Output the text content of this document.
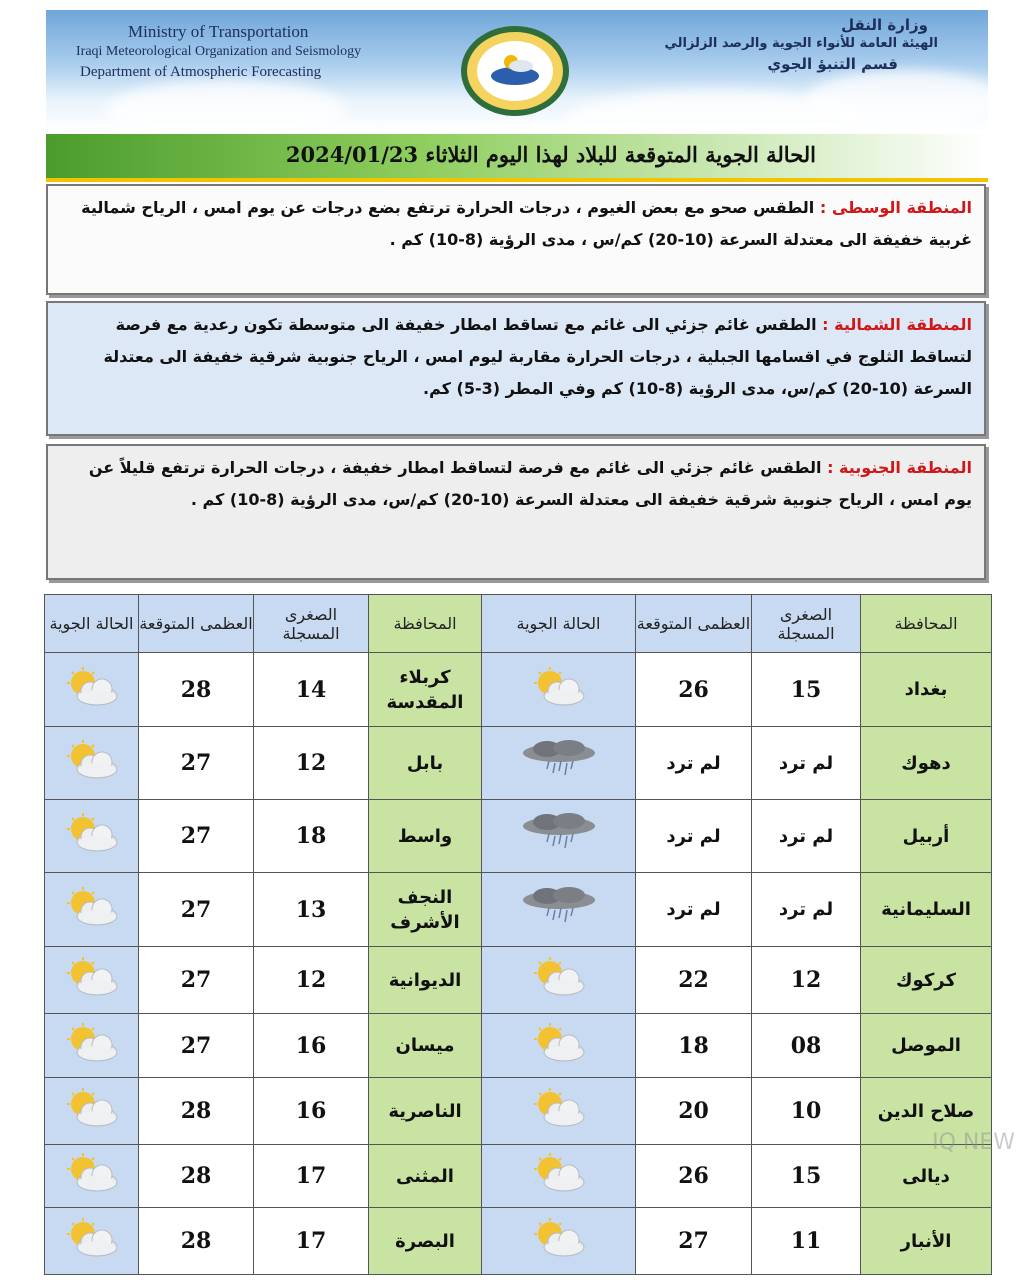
Ministry of Transportation
Iraqi Meteorological Organization and Seismology
Department of Atmospheric Forecasting
وزارة النقل
الهيئة العامة للأنواء الجوية والرصد الزلزالي
قسم التنبؤ الجوي
الحالة الجوية المتوقعة للبلاد لهذا اليوم الثلاثاء 2024/01/23
المنطقة الوسطى : الطقس صحو مع بعض الغيوم ، درجات الحرارة ترتفع بضع درجات عن يوم امس ، الرياح شمالية غربية خفيفة الى معتدلة السرعة (10-20) كم/س ، مدى الرؤية (8-10) كم .
المنطقة الشمالية : الطقس غائم جزئي الى غائم مع تساقط امطار خفيفة الى متوسطة تكون رعدية مع فرصة لتساقط الثلوج في اقسامها الجبلية ، درجات الحرارة مقاربة ليوم امس ، الرياح جنوبية شرقية خفيفة الى معتدلة السرعة (10-20) كم/س، مدى الرؤية (8-10) كم وفي المطر (3-5) كم.
المنطقة الجنوبية : الطقس غائم جزئي الى غائم مع فرصة لتساقط امطار خفيفة ، درجات الحرارة ترتفع قليلاً عن يوم امس ، الرياح جنوبية شرقية خفيفة الى معتدلة السرعة (10-20) كم/س، مدى الرؤية (8-10) كم .
المحافظة	الصغرى المسجلة	العظمى المتوقعة	الحالة الجوية	المحافظة	الصغرى المسجلة	العظمى المتوقعة	الحالة الجوية
بغداد	15	26		كربلاء المقدسة	14	28	
دهوك	لم ترد	لم ترد		بابل	12	27	
أربيل	لم ترد	لم ترد		واسط	18	27	
السليمانية	لم ترد	لم ترد		النجف الأشرف	13	27	
كركوك	12	22		الديوانية	12	27	
الموصل	08	18		ميسان	16	27	
صلاح الدين	10	20		الناصرية	16	28	
ديالى	15	26		المثنى	17	28	
الأنبار	11	27		البصرة	17	28	
IQ NEW
